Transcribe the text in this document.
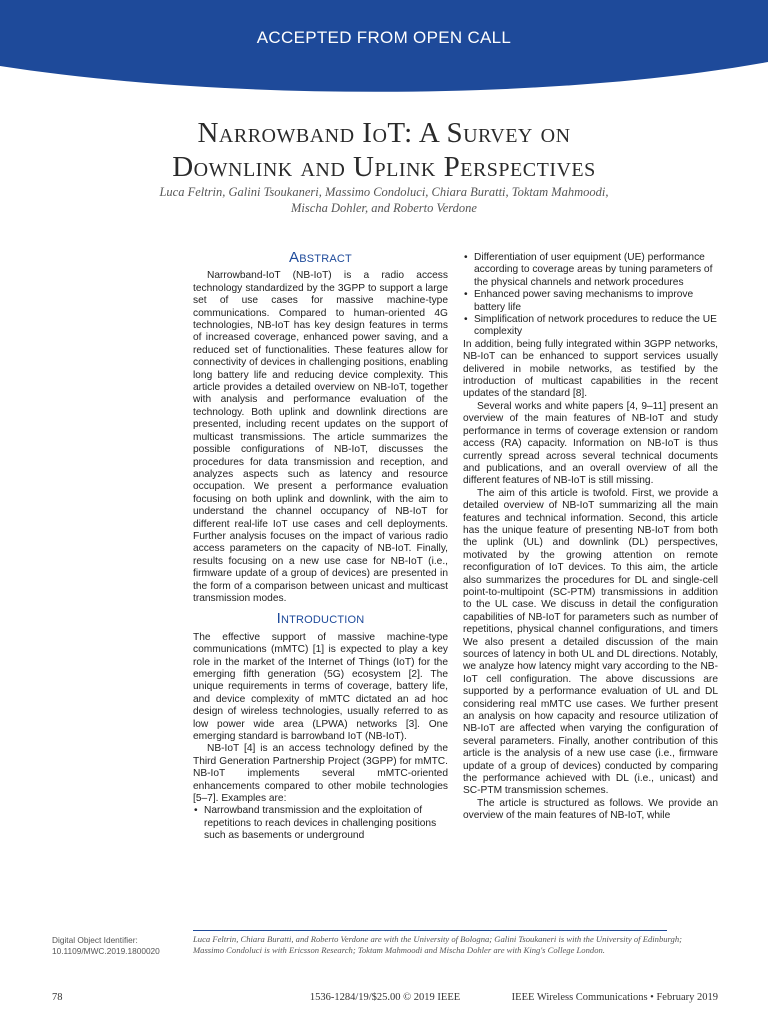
ACCEPTED FROM OPEN CALL
Narrowband IoT: A Survey on
Downlink and Uplink Perspectives
Luca Feltrin, Galini Tsoukaneri, Massimo Condoluci, Chiara Buratti, Toktam Mahmoodi,
Mischa Dohler, and Roberto Verdone
Abstract

Narrowband-IoT (NB-IoT) is a radio access technology standardized by the 3GPP to support a large set of use cases for massive machine-type communications. Compared to human-oriented 4G technologies, NB-IoT has key design features in terms of increased coverage, enhanced power saving, and a reduced set of functionalities. These features allow for connectivity of devices in challenging positions, enabling long battery life and reducing device complexity. This article provides a detailed overview on NB-IoT, together with analysis and performance evaluation of the technology. Both uplink and downlink directions are presented, including recent updates on the support of multicast transmissions. The article summarizes the possible configurations of NB-IoT, discusses the procedures for data transmission and reception, and analyzes aspects such as latency and resource occupation. We present a performance evaluation focusing on both uplink and downlink, with the aim to understand the channel occupancy of NB-IoT for different real-life IoT use cases and cell deployments. Further analysis focuses on the impact of various radio access parameters on the capacity of NB-IoT. Finally, results focusing on a new use case for NB-IoT (i.e., firmware update of a group of devices) are presented in the form of a comparison between unicast and multicast transmission modes.

Introduction

The effective support of massive machine-type communications (mMTC) [1] is expected to play a key role in the market of the Internet of Things (IoT) for the emerging fifth generation (5G) ecosystem [2]. The unique requirements in terms of coverage, battery life, and device complexity of mMTC dictated an ad hoc design of wireless technologies, usually referred to as low power wide area (LPWA) networks [3]. One emerging standard is barrowband IoT (NB-IoT).

NB-IoT [4] is an access technology defined by the Third Generation Partnership Project (3GPP) for mMTC. NB-IoT implements several mMTC-oriented enhancements compared to other mobile technologies [5–7]. Examples are:

• Narrowband transmission and the exploitation of repetitions to reach devices in challenging positions such as basements or underground
• Differentiation of user equipment (UE) performance according to coverage areas by tuning parameters of the physical channels and network procedures
• Enhanced power saving mechanisms to improve battery life
• Simplification of network procedures to reduce the UE complexity

In addition, being fully integrated within 3GPP networks, NB-IoT can be enhanced to support services usually delivered in mobile networks, as testified by the introduction of multicast capabilities in the recent updates of the standard [8].

Several works and white papers [4, 9–11] present an overview of the main features of NB-IoT and study performance in terms of coverage extension or random access (RA) capacity. Information on NB-IoT is thus currently spread across several technical documents and publications, and an overall overview of all the different features of NB-IoT is still missing.

The aim of this article is twofold. First, we provide a detailed overview of NB-IoT summarizing all the main features and technical information. Second, this article has the unique feature of presenting NB-IoT from both the uplink (UL) and downlink (DL) perspectives, motivated by the growing attention on remote reconfiguration of IoT devices. To this aim, the article also summarizes the procedures for DL and single-cell point-to-multipoint (SC-PTM) transmissions in addition to the UL case. We discuss in detail the configuration capabilities of NB-IoT for parameters such as number of repetitions, physical channel configurations, and timers We also present a detailed discussion of the main sources of latency in both UL and DL directions. Notably, we analyze how latency might vary according to the NB-IoT cell configuration. The above discussions are supported by a performance evaluation of UL and DL considering real mMTC use cases. We further present an analysis on how capacity and resource utilization of NB-IoT are affected when varying the configuration of several parameters. Finally, another contribution of this article is the analysis of a new use case (i.e., firmware update of a group of devices) conducted by comparing the performance achieved with DL (i.e., unicast) and SC-PTM transmission schemes.

The article is structured as follows. We provide an overview of the main features of NB-IoT, while

Digital Object Identifier:
10.1109/MWC.2019.1800020
Luca Feltrin, Chiara Buratti, and Roberto Verdone are with the University of Bologna; Galini Tsoukaneri is with the University of Edinburgh;
Massimo Condoluci is with Ericsson Research; Toktam Mahmoodi and Mischa Dohler are with King's College London.
78	1536-1284/19/$25.00 © 2019 IEEE	IEEE Wireless Communications • February 2019
